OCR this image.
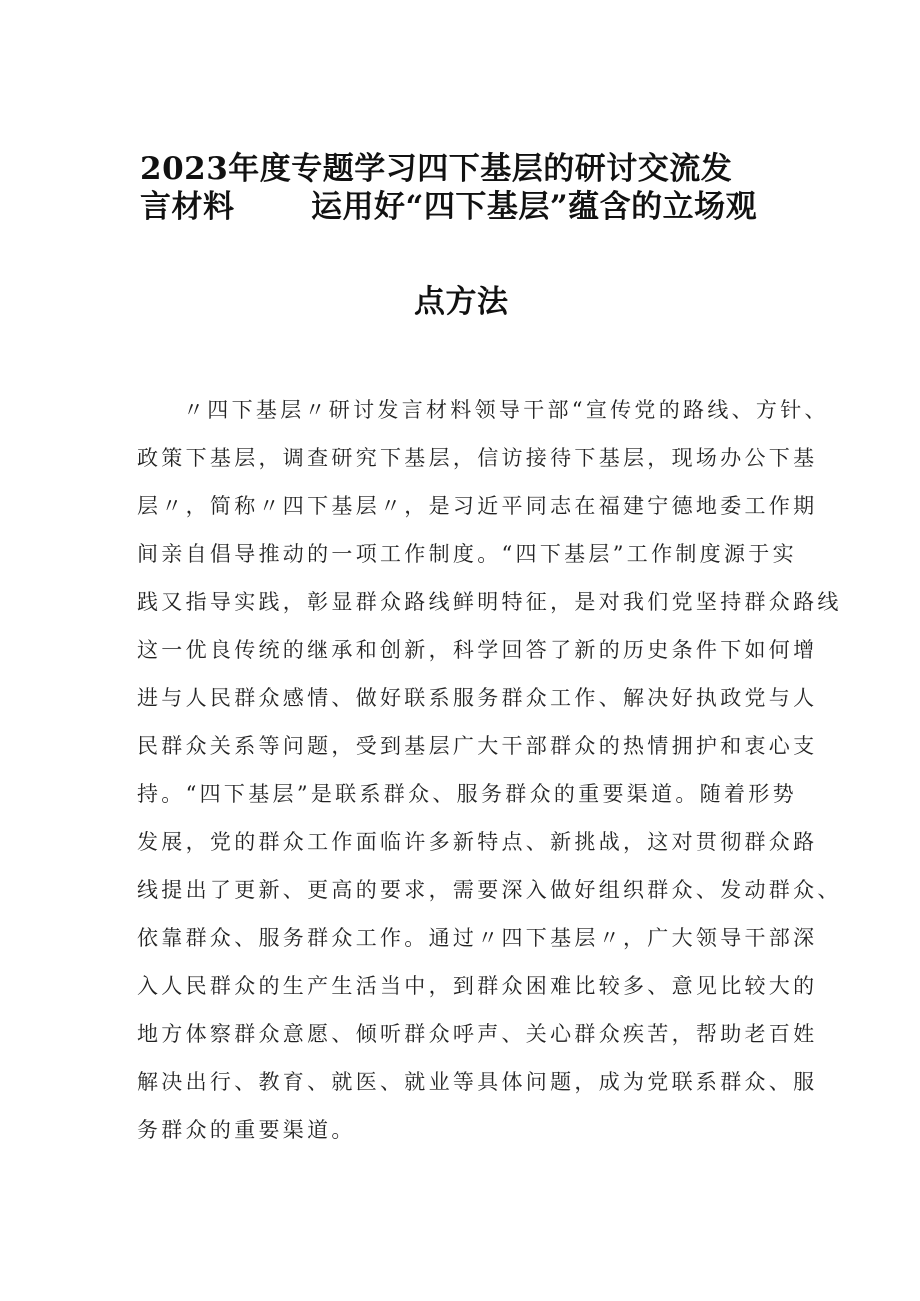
2023年度专题学习四下基层的研讨交流发
言材料 运用好“四下基层”蕴含的立场观
点方法
〃四下基层〃研讨发言材料领导干部“宣传党的路线、方针、
政策下基层，调查研究下基层，信访接待下基层，现场办公下基
层〃，简称〃四下基层〃，是习近平同志在福建宁德地委工作期
间亲自倡导推动的一项工作制度。“四下基层”工作制度源于实
践又指导实践，彰显群众路线鲜明特征，是对我们党坚持群众路线
这一优良传统的继承和创新，科学回答了新的历史条件下如何增
进与人民群众感情、做好联系服务群众工作、解决好执政党与人
民群众关系等问题，受到基层广大干部群众的热情拥护和衷心支
持。“四下基层”是联系群众、服务群众的重要渠道。随着形势
发展，党的群众工作面临许多新特点、新挑战，这对贯彻群众路
线提出了更新、更高的要求，需要深入做好组织群众、发动群众、
依靠群众、服务群众工作。通过〃四下基层〃，广大领导干部深
入人民群众的生产生活当中，到群众困难比较多、意见比较大的
地方体察群众意愿、倾听群众呼声、关心群众疾苦，帮助老百姓
解决出行、教育、就医、就业等具体问题，成为党联系群众、服
务群众的重要渠道。
